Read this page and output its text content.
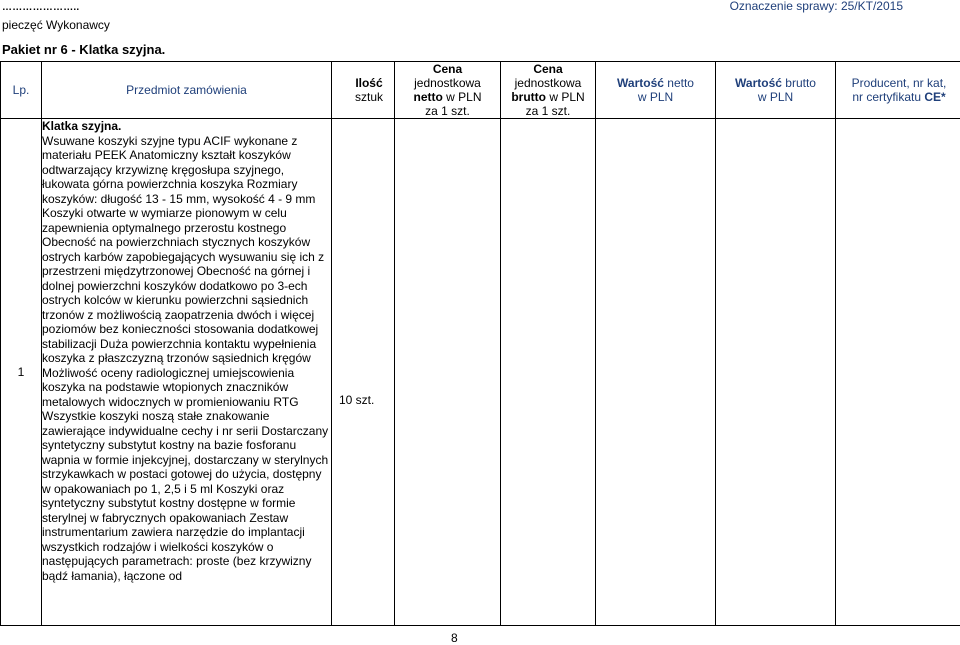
…………………..
pieczęć Wykonawcy
Oznaczenie sprawy: 25/KT/2015
Pakiet nr 6 - Klatka szyjna.
Lp.	Przedmiot zamówienia	Ilość
sztuk	Cena
jednostkowa
netto w PLN
za 1 szt.	Cena
jednostkowa
brutto w PLN
za 1 szt.	Wartość netto
w PLN	Wartość brutto
w PLN	Producent, nr kat,
nr certyfikatu CE*
1	Klatka szyjna.
Wsuwane koszyki szyjne typu ACIF wykonane z materiału PEEK Anatomiczny kształt koszyków odtwarzający krzywiznę kręgosłupa szyjnego, łukowata górna powierzchnia koszyka Rozmiary koszyków: długość 13 - 15 mm, wysokość 4 - 9 mm Koszyki otwarte w wymiarze pionowym w celu zapewnienia optymalnego przerostu kostnego Obecność na powierzchniach stycznych koszyków ostrych karbów zapobiegających wysuwaniu się ich z przestrzeni międzytrzonowej Obecność na górnej i dolnej powierzchni koszyków dodatkowo po 3-ech ostrych kolców w kierunku powierzchni sąsiednich trzonów z możliwością zaopatrzenia dwóch i więcej poziomów bez konieczności stosowania dodatkowej stabilizacji Duża powierzchnia kontaktu wypełnienia koszyka z płaszczyzną trzonów sąsiednich kręgów Możliwość oceny radiologicznej umiejscowienia koszyka na podstawie wtopionych znaczników metalowych widocznych w promieniowaniu RTG Wszystkie koszyki noszą stałe znakowanie zawierające indywidualne cechy i nr serii Dostarczany syntetyczny substytut kostny na bazie fosforanu wapnia w formie injekcyjnej, dostarczany w sterylnych strzykawkach w postaci gotowej do użycia, dostępny w opakowaniach po 1, 2,5 i 5 ml Koszyki oraz syntetyczny substytut kostny dostępne w formie sterylnej w fabrycznych opakowaniach Zestaw instrumentarium zawiera narzędzie do implantacji wszystkich rodzajów i wielkości koszyków o następujących parametrach: proste (bez krzywizny bądź łamania), łączone od	10 szt.					
8
